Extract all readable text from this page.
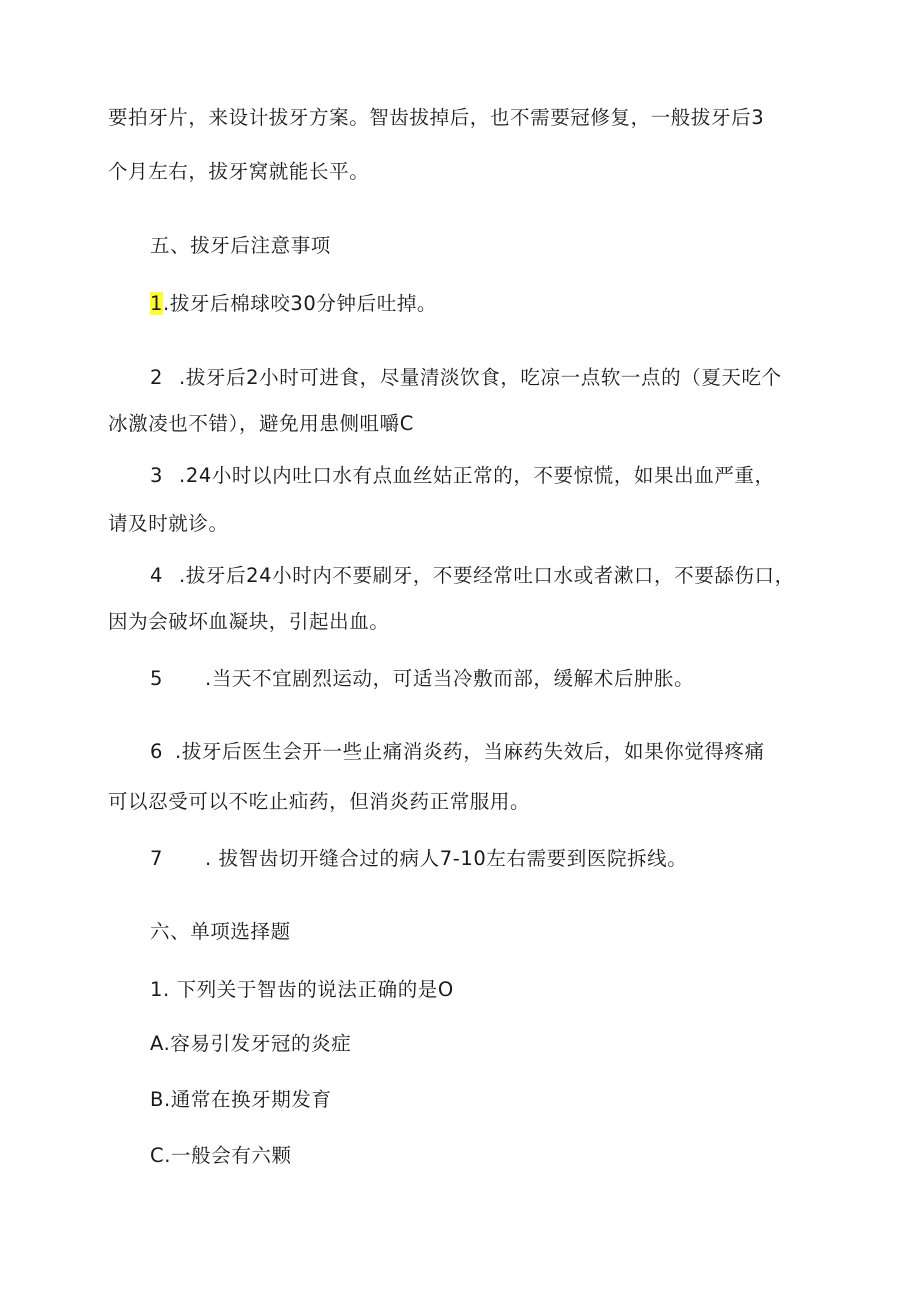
要拍牙片，来设计拔牙方案。智齿拔掉后，也不需要冠修复，一般拔牙后3
个月左右，拔牙窝就能长平。
五、拔牙后注意事项
1.拔牙后棉球咬30分钟后吐掉。
2 .拔牙后2小时可进食，尽量清淡饮食，吃凉一点软一点的（夏天吃个
冰激凌也不错），避免用患侧咀嚼C
3 .24小时以内吐口水有点血丝姑正常的，不要惊慌，如果出血严重，
请及时就诊。
4 .拔牙后24小时内不要刷牙，不要经常吐口水或者漱口，不要舔伤口，
因为会破坏血凝块，引起出血。
5 .当天不宜剧烈运动，可适当冷敷而部，缓解术后肿胀。
6 .拔牙后医生会开一些止痛消炎药，当麻药失效后，如果你觉得疼痛
可以忍受可以不吃止疝药，但消炎药正常服用。
7 . 拔智齿切开缝合过的病人7-10左右需要到医院拆线。
六、单项选择题
1. 下列关于智齿的说法正确的是O
A.容易引发牙冠的炎症
B.通常在换牙期发育
C.一般会有六颗
